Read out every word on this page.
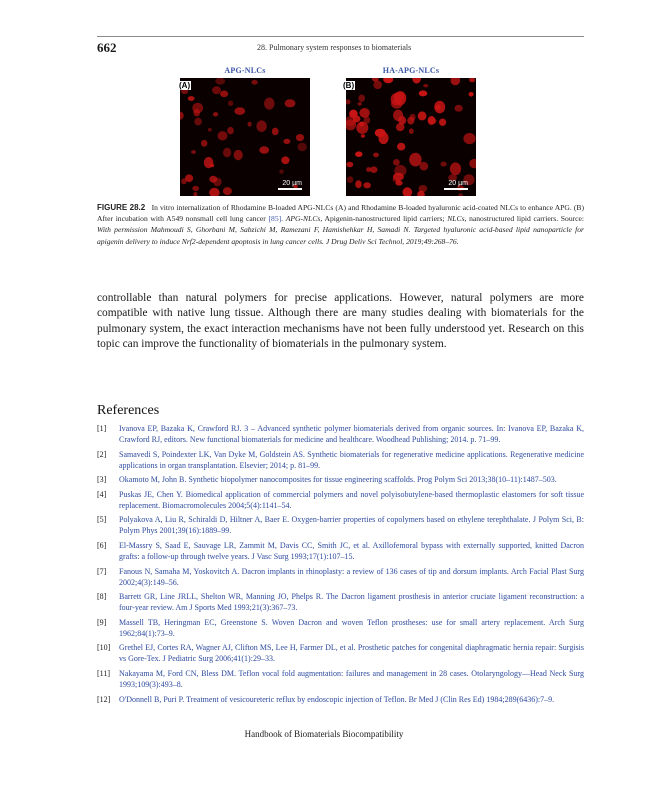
662	28. Pulmonary system responses to biomaterials
APG-NLCs
20 µm
(A)
HA-APG-NLCs
20 µm
(B)
FIGURE 28.2 In vitro internalization of Rhodamine B-loaded APG-NLCs (A) and Rhodamine B-loaded hyaluronic acid-coated NLCs to enhance APG. (B) After incubation with A549 nonsmall cell lung cancer [85]. APG-NLCs, Apigenin-nanostructured lipid carriers; NLCs, nanostructured lipid carriers. Source: With permission Mahmoudi S, Ghorbani M, Sabzichi M, Ramezani F, Hamishehkar H, Samadi N. Targeted hyaluronic acid-based lipid nanoparticle for apigenin delivery to induce Nrf2-dependent apoptosis in lung cancer cells. J Drug Deliv Sci Technol, 2019;49:268–76.
controllable than natural polymers for precise applications. However, natural polymers are more compatible with native lung tissue. Although there are many studies dealing with biomaterials for the pulmonary system, the exact interaction mechanisms have not been fully understood yet. Research on this topic can improve the functionality of biomaterials in the pulmonary system.
References
[1] Ivanova EP, Bazaka K, Crawford RJ. 3 – Advanced synthetic polymer biomaterials derived from organic sources. In: Ivanova EP, Bazaka K, Crawford RJ, editors. New functional biomaterials for medicine and healthcare. Woodhead Publishing; 2014. p. 71–99.
[2] Samavedi S, Poindexter LK, Van Dyke M, Goldstein AS. Synthetic biomaterials for regenerative medicine applications. Regenerative medicine applications in organ transplantation. Elsevier; 2014; p. 81–99.
[3] Okamoto M, John B. Synthetic biopolymer nanocomposites for tissue engineering scaffolds. Prog Polym Sci 2013;38(10–11):1487–503.
[4] Puskas JE, Chen Y. Biomedical application of commercial polymers and novel polyisobutylene-based thermoplastic elastomers for soft tissue replacement. Biomacromolecules 2004;5(4):1141–54.
[5] Polyakova A, Liu R, Schiraldi D, Hiltner A, Baer E. Oxygen-barrier properties of copolymers based on ethylene terephthalate. J Polym Sci, B: Polym Phys 2001;39(16):1889–99.
[6] El-Massry S, Saad E, Sauvage LR, Zammit M, Davis CC, Smith JC, et al. Axillofemoral bypass with externally supported, knitted Dacron grafts: a follow-up through twelve years. J Vasc Surg 1993;17(1):107–15.
[7] Fanous N, Samaha M, Yoskovitch A. Dacron implants in rhinoplasty: a review of 136 cases of tip and dorsum implants. Arch Facial Plast Surg 2002;4(3):149–56.
[8] Barrett GR, Line JRLL, Shelton WR, Manning JO, Phelps R. The Dacron ligament prosthesis in anterior cruciate ligament reconstruction: a four-year review. Am J Sports Med 1993;21(3):367–73.
[9] Massell TB, Heringman EC, Greenstone S. Woven Dacron and woven Teflon prostheses: use for small artery replacement. Arch Surg 1962;84(1):73–9.
[10] Grethel EJ, Cortes RA, Wagner AJ, Clifton MS, Lee H, Farmer DL, et al. Prosthetic patches for congenital diaphragmatic hernia repair: Surgisis vs Gore-Tex. J Pediatric Surg 2006;41(1):29–33.
[11] Nakayama M, Ford CN, Bless DM. Teflon vocal fold augmentation: failures and management in 28 cases. Otolaryngology—Head Neck Surg 1993;109(3):493–8.
[12] O'Donnell B, Puri P. Treatment of vesicoureteric reflux by endoscopic injection of Teflon. Br Med J (Clin Res Ed) 1984;289(6436):7–9.
Handbook of Biomaterials Biocompatibility
